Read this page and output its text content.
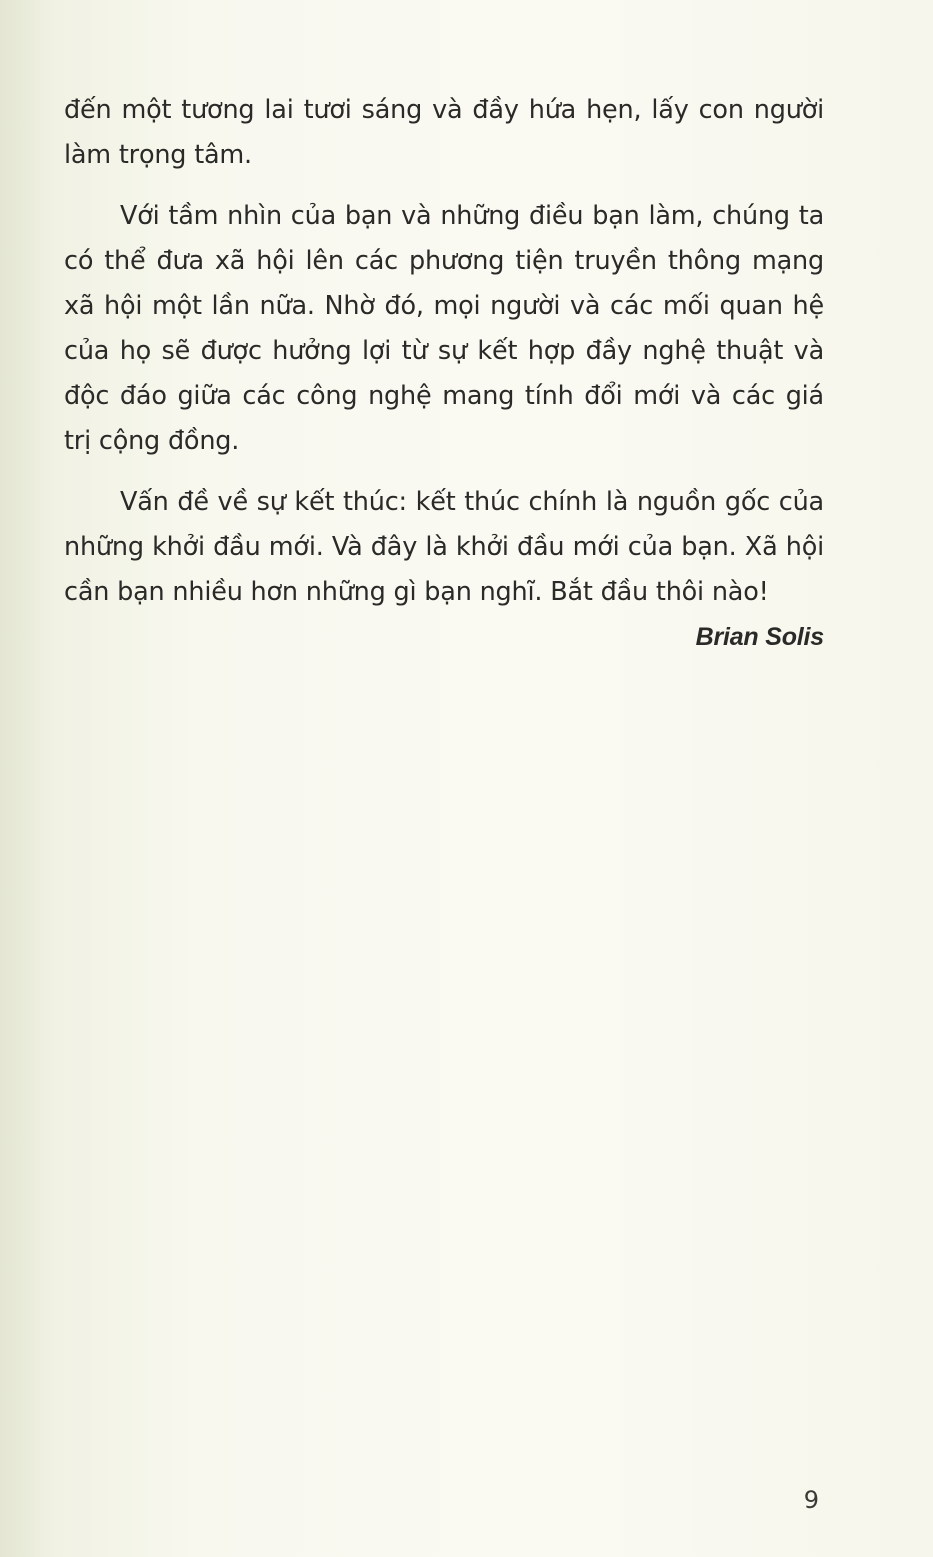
đến một tương lai tươi sáng và đầy hứa hẹn, lấy con người làm trọng tâm.

Với tầm nhìn của bạn và những điều bạn làm, chúng ta có thể đưa xã hội lên các phương tiện truyền thông mạng xã hội một lần nữa. Nhờ đó, mọi người và các mối quan hệ của họ sẽ được hưởng lợi từ sự kết hợp đầy nghệ thuật và độc đáo giữa các công nghệ mang tính đổi mới và các giá trị cộng đồng.

Vấn đề về sự kết thúc: kết thúc chính là nguồn gốc của những khởi đầu mới. Và đây là khởi đầu mới của bạn. Xã hội cần bạn nhiều hơn những gì bạn nghĩ. Bắt đầu thôi nào!

Brian Solis
9
